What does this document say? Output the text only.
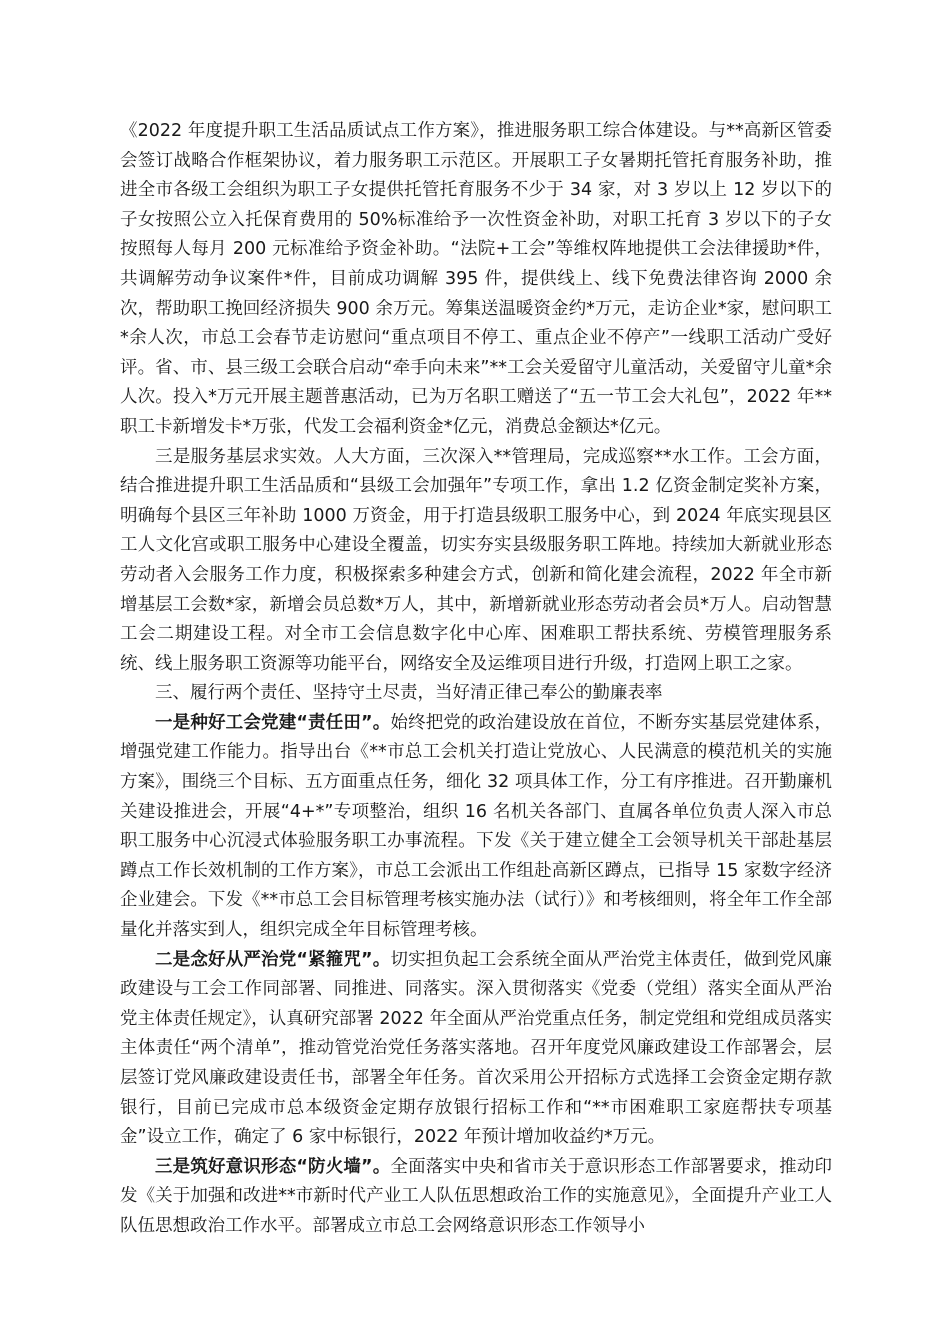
《2022 年度提升职工生活品质试点工作方案》，推进服务职工综合体建设。与**高新区管委会签订战略合作框架协议，着力服务职工示范区。开展职工子女暑期托管托育服务补助，推进全市各级工会组织为职工子女提供托管托育服务不少于 34 家，对 3 岁以上 12 岁以下的子女按照公立入托保育费用的 50%标准给予一次性资金补助，对职工托育 3 岁以下的子女按照每人每月 200 元标准给予资金补助。“法院+工会”等维权阵地提供工会法律援助*件，共调解劳动争议案件*件，目前成功调解 395 件，提供线上、线下免费法律咨询 2000 余次，帮助职工挽回经济损失 900 余万元。筹集送温暖资金约*万元，走访企业*家，慰问职工*余人次，市总工会春节走访慰问“重点项目不停工、重点企业不停产”一线职工活动广受好评。省、市、县三级工会联合启动“牵手向未来”**工会关爱留守儿童活动，关爱留守儿童*余人次。投入*万元开展主题普惠活动，已为万名职工赠送了“五一节工会大礼包”，2022 年**职工卡新增发卡*万张，代发工会福利资金*亿元，消费总金额达*亿元。

三是服务基层求实效。人大方面，三次深入**管理局，完成巡察**水工作。工会方面，结合推进提升职工生活品质和“县级工会加强年”专项工作，拿出 1.2 亿资金制定奖补方案，明确每个县区三年补助 1000 万资金，用于打造县级职工服务中心，到 2024 年底实现县区工人文化宫或职工服务中心建设全覆盖，切实夯实县级服务职工阵地。持续加大新就业形态劳动者入会服务工作力度，积极探索多种建会方式，创新和简化建会流程，2022 年全市新增基层工会数*家，新增会员总数*万人，其中，新增新就业形态劳动者会员*万人。启动智慧工会二期建设工程。对全市工会信息数字化中心库、困难职工帮扶系统、劳模管理服务系统、线上服务职工资源等功能平台，网络安全及运维项目进行升级，打造网上职工之家。

三、履行两个责任、坚持守土尽责，当好清正律己奉公的勤廉表率

一是种好工会党建“责任田”。始终把党的政治建设放在首位，不断夯实基层党建体系，增强党建工作能力。指导出台《**市总工会机关打造让党放心、人民满意的模范机关的实施方案》，围绕三个目标、五方面重点任务，细化 32 项具体工作，分工有序推进。召开勤廉机关建设推进会，开展“4+*”专项整治，组织 16 名机关各部门、直属各单位负责人深入市总职工服务中心沉浸式体验服务职工办事流程。下发《关于建立健全工会领导机关干部赴基层蹲点工作长效机制的工作方案》，市总工会派出工作组赴高新区蹲点，已指导 15 家数字经济企业建会。下发《**市总工会目标管理考核实施办法（试行）》和考核细则，将全年工作全部量化并落实到人，组织完成全年目标管理考核。

二是念好从严治党“紧箍咒”。切实担负起工会系统全面从严治党主体责任，做到党风廉政建设与工会工作同部署、同推进、同落实。深入贯彻落实《党委（党组）落实全面从严治党主体责任规定》，认真研究部署 2022 年全面从严治党重点任务，制定党组和党组成员落实主体责任“两个清单”，推动管党治党任务落实落地。召开年度党风廉政建设工作部署会，层层签订党风廉政建设责任书，部署全年任务。首次采用公开招标方式选择工会资金定期存款银行，目前已完成市总本级资金定期存放银行招标工作和“**市困难职工家庭帮扶专项基金”设立工作，确定了 6 家中标银行，2022 年预计增加收益约*万元。

三是筑好意识形态“防火墙”。全面落实中央和省市关于意识形态工作部署要求，推动印发《关于加强和改进**市新时代产业工人队伍思想政治工作的实施意见》，全面提升产业工人队伍思想政治工作水平。部署成立市总工会网络意识形态工作领导小
